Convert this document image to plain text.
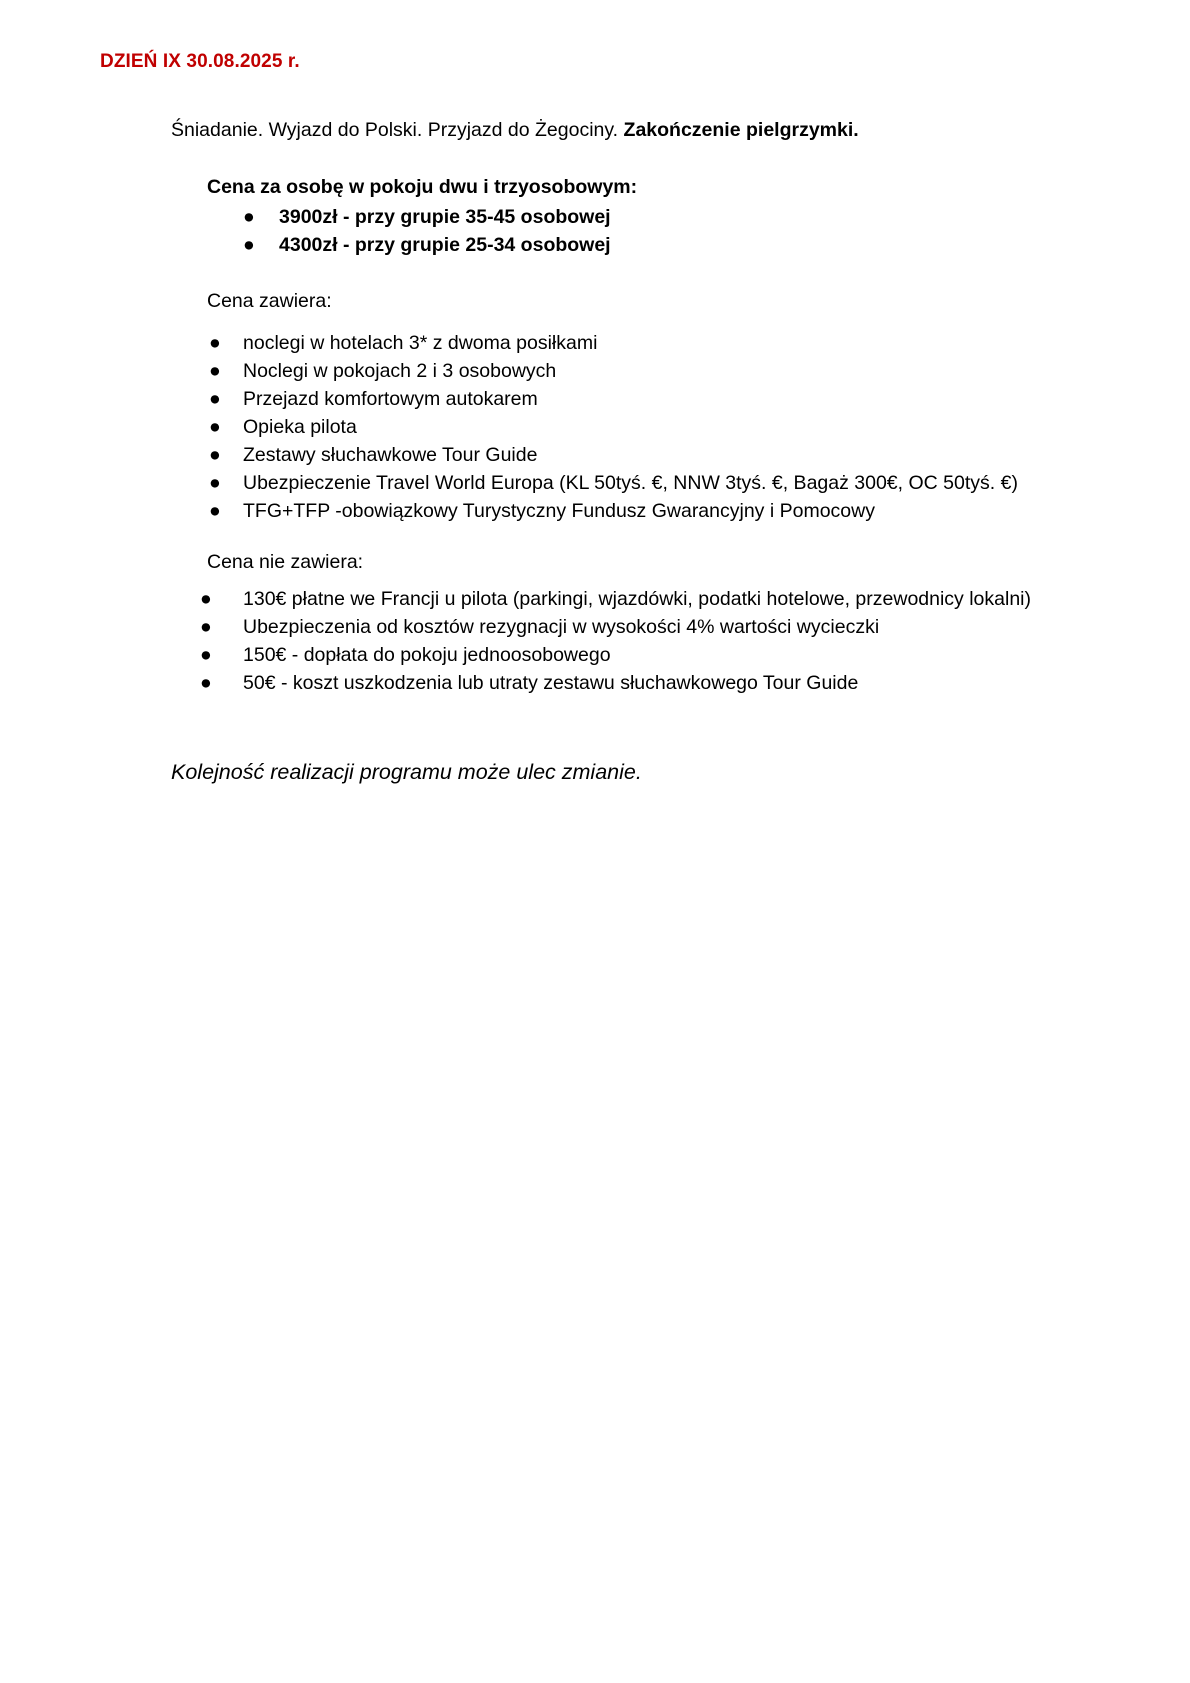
DZIEŃ IX 30.08.2025 r.
Śniadanie. Wyjazd do Polski. Przyjazd do Żegociny. Zakończenie pielgrzymki.
Cena za osobę w pokoju dwu i trzyosobowym:
● 3900zł - przy grupie 35-45 osobowej
● 4300zł - przy grupie 25-34 osobowej
Cena zawiera:
● noclegi w hotelach 3* z dwoma posiłkami
● Noclegi w pokojach 2 i 3 osobowych
● Przejazd komfortowym autokarem
● Opieka pilota
● Zestawy słuchawkowe Tour Guide
● Ubezpieczenie Travel World Europa (KL 50tyś. €, NNW 3tyś. €, Bagaż 300€, OC 50tyś. €)
● TFG+TFP -obowiązkowy Turystyczny Fundusz Gwarancyjny i Pomocowy
Cena nie zawiera:
● 130€ płatne we Francji u pilota (parkingi, wjazdówki, podatki hotelowe, przewodnicy lokalni)
● Ubezpieczenia od kosztów rezygnacji w wysokości 4% wartości wycieczki
● 150€ - dopłata do pokoju jednoosobowego
● 50€ - koszt uszkodzenia lub utraty zestawu słuchawkowego Tour Guide
Kolejność realizacji programu może ulec zmianie.
